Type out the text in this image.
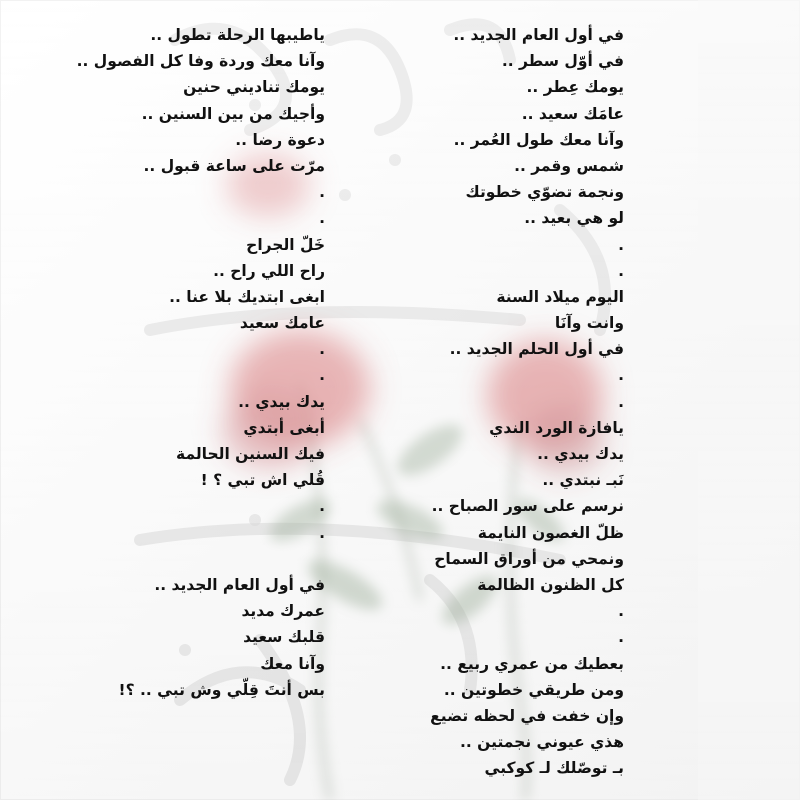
في أول العام الجديد ..
في أوّل سطر ..
يومك عِطر ..
عامَك سعيد ..
وآنا معك طول العُمر ..
شمس وقمر ..
ونجمة تضوّي خطوتك
لو هي بعيد ..
.
.
اليوم ميلاد السنة
وانت وآنَا
في أول الحلم الجديد ..
.
.
يافازة الورد الندي
يدك بيدي ..
نَبـ نبتدي ..
نرسم على سور الصباح ..
ظلّ الغصون النايمة
ونمحي من أوراق السماح
كل الظنون الظالمة
.
.
بعطيك من عمري ربيع ..
ومن طريقي خطوتين ..
وإن خفت في لحظه تضيع
هذي عيوني نجمتين ..
بـ توصّلك لـ كوكبي
ياطيبها الرحلة تطول ..
وآنا معك وردة وفا كل الفصول ..
يومك تناديني حنين
وأجيك من بين السنين ..
دعوة رضا ..
مرّت على ساعة قبول ..
.
.
خَلّ الجراح
راح اللي راح ..
ابغى ابتديك بلا عنا ..
عامك سعيد
.
.
يدك بيدي ..
أبغى أبتدي
فيك السنين الحالمة
قُلي اش تبي ؟ !
.
.
في أول العام الجديد ..
عمرك مديد
قلبك سعيد
وآنا معك
بس أنتَ قِلّي وش تبي .. ؟!
